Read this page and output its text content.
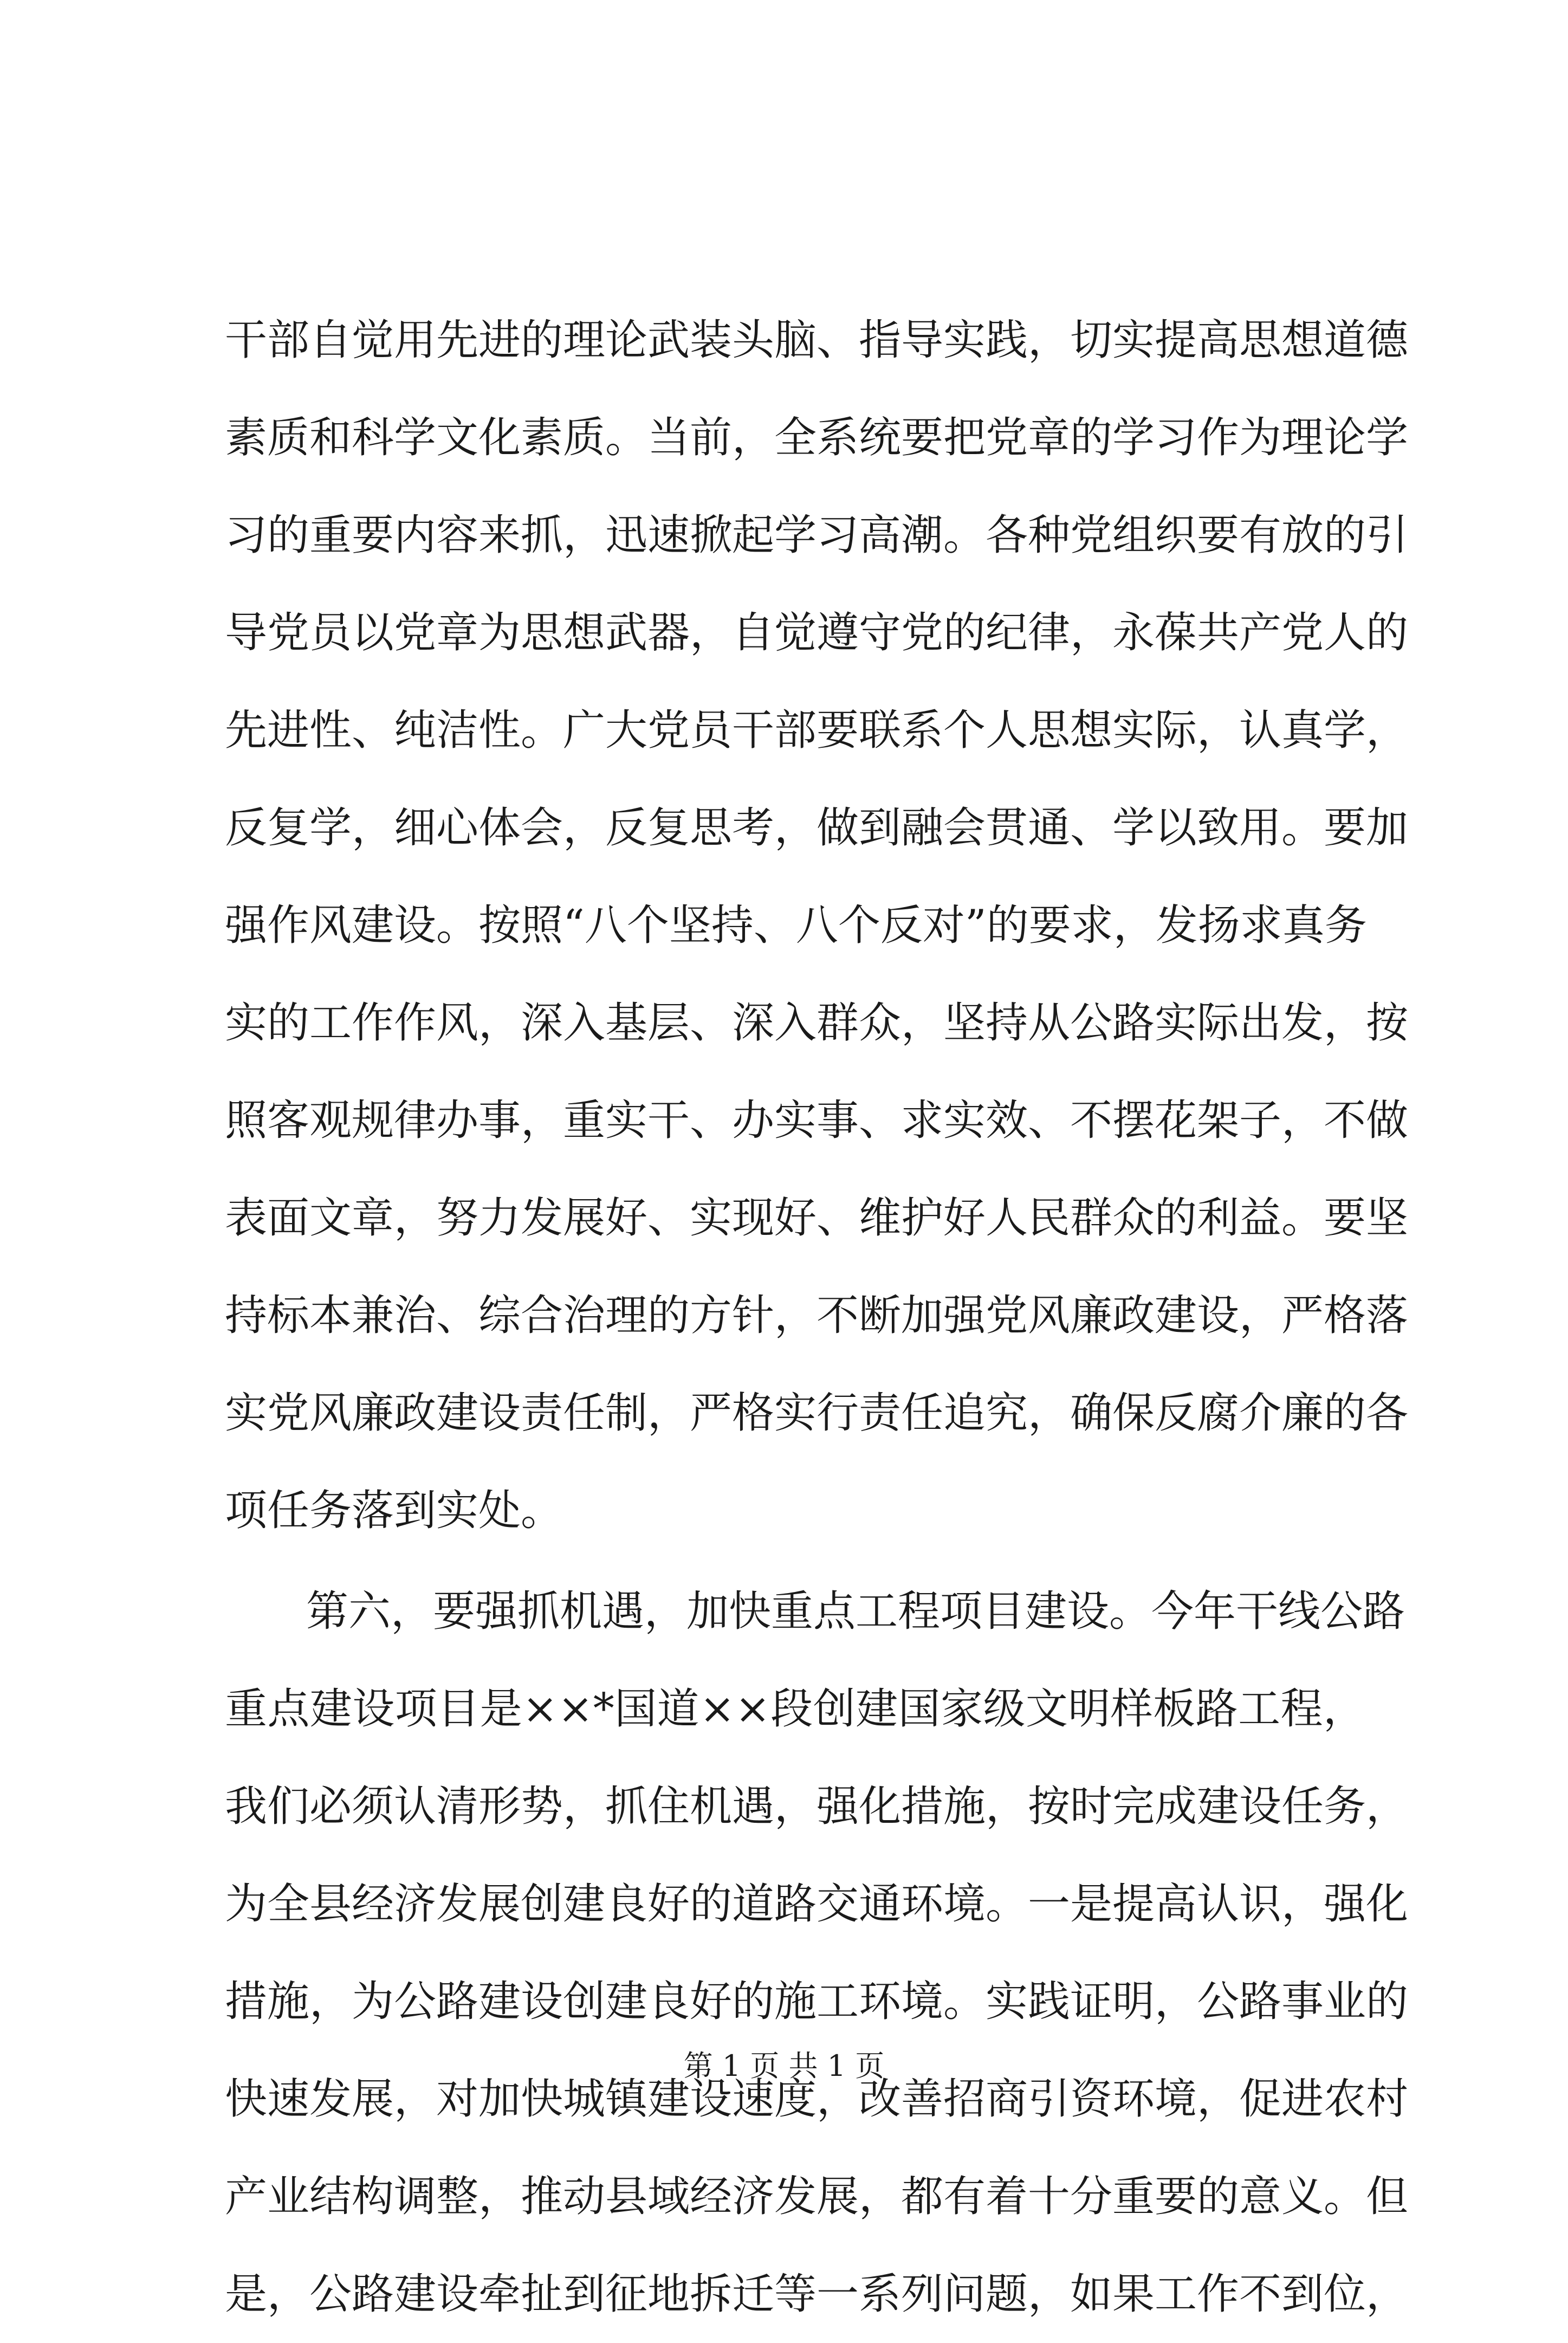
干部自觉用先进的理论武装头脑、指导实践，切实提高思想道德
素质和科学文化素质。当前，全系统要把党章的学习作为理论学
习的重要内容来抓，迅速掀起学习高潮。各种党组织要有放的引
导党员以党章为思想武器，自觉遵守党的纪律，永葆共产党人的
先进性、纯洁性。广大党员干部要联系个人思想实际，认真学，
反复学，细心体会，反复思考，做到融会贯通、学以致用。要加
强作风建设。按照“八个坚持、八个反对”的要求，发扬求真务
实的工作作风，深入基层、深入群众，坚持从公路实际出发，按
照客观规律办事，重实干、办实事、求实效、不摆花架子，不做
表面文章，努力发展好、实现好、维护好人民群众的利益。要坚
持标本兼治、综合治理的方针，不断加强党风廉政建设，严格落
实党风廉政建设责任制，严格实行责任追究，确保反腐介廉的各
项任务落到实处。
第六，要强抓机遇，加快重点工程项目建设。今年干线公路
重点建设项目是××*国道××段创建国家级文明样板路工程，
我们必须认清形势，抓住机遇，强化措施，按时完成建设任务，
为全县经济发展创建良好的道路交通环境。一是提高认识，强化
措施，为公路建设创建良好的施工环境。实践证明，公路事业的
快速发展，对加快城镇建设速度，改善招商引资环境，促进农村
产业结构调整，推动县域经济发展，都有着十分重要的意义。但
是，公路建设牵扯到征地拆迁等一系列问题，如果工作不到位，
第 1 页 共 1 页
